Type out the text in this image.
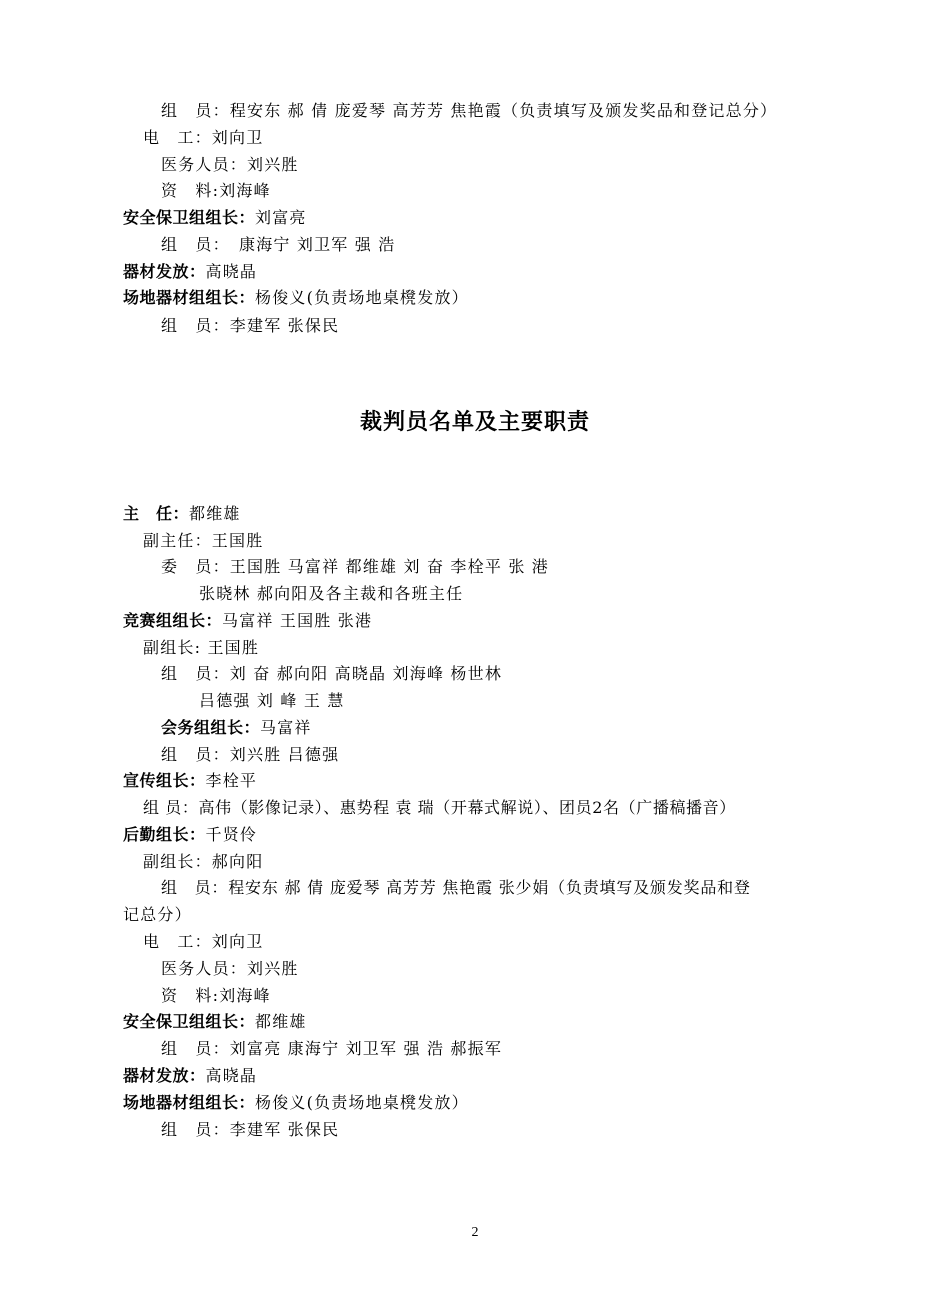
组　员：程安东 郝 倩 庞爱琴 高芳芳 焦艳霞（负责填写及颁发奖品和登记总分）
电　工：刘向卫
医务人员：刘兴胜
资　料:刘海峰
安全保卫组组长：刘富亮
组　员：　康海宁 刘卫军 强 浩
器材发放：高晓晶
场地器材组组长：杨俊义(负责场地桌櫈发放）
组　员：李建军 张保民
裁判员名单及主要职责
主　任：都维雄
副主任：王国胜
委　员：王国胜 马富祥 都维雄 刘 奋 李栓平 张 港
张晓林 郝向阳及各主裁和各班主任
竞赛组组长：马富祥 王国胜 张港
副组长: 王国胜
组　员：刘 奋 郝向阳 高晓晶 刘海峰 杨世林
吕德强 刘 峰 王 慧
会务组组长：马富祥
组　员：刘兴胜 吕德强
宣传组长：李栓平
组 员：高伟（影像记录）、惠势程 袁 瑞（开幕式解说）、团员2名（广播稿播音）
后勤组长：千贤伶
副组长：郝向阳
组　员：程安东 郝 倩 庞爱琴 高芳芳 焦艳霞 张少娟（负责填写及颁发奖品和登
记总分）
电　工：刘向卫
医务人员：刘兴胜
资　料:刘海峰
安全保卫组组长：都维雄
组　员：刘富亮 康海宁 刘卫军 强 浩 郝振军
器材发放：高晓晶
场地器材组组长：杨俊义(负责场地桌櫈发放）
组　员：李建军 张保民
2
